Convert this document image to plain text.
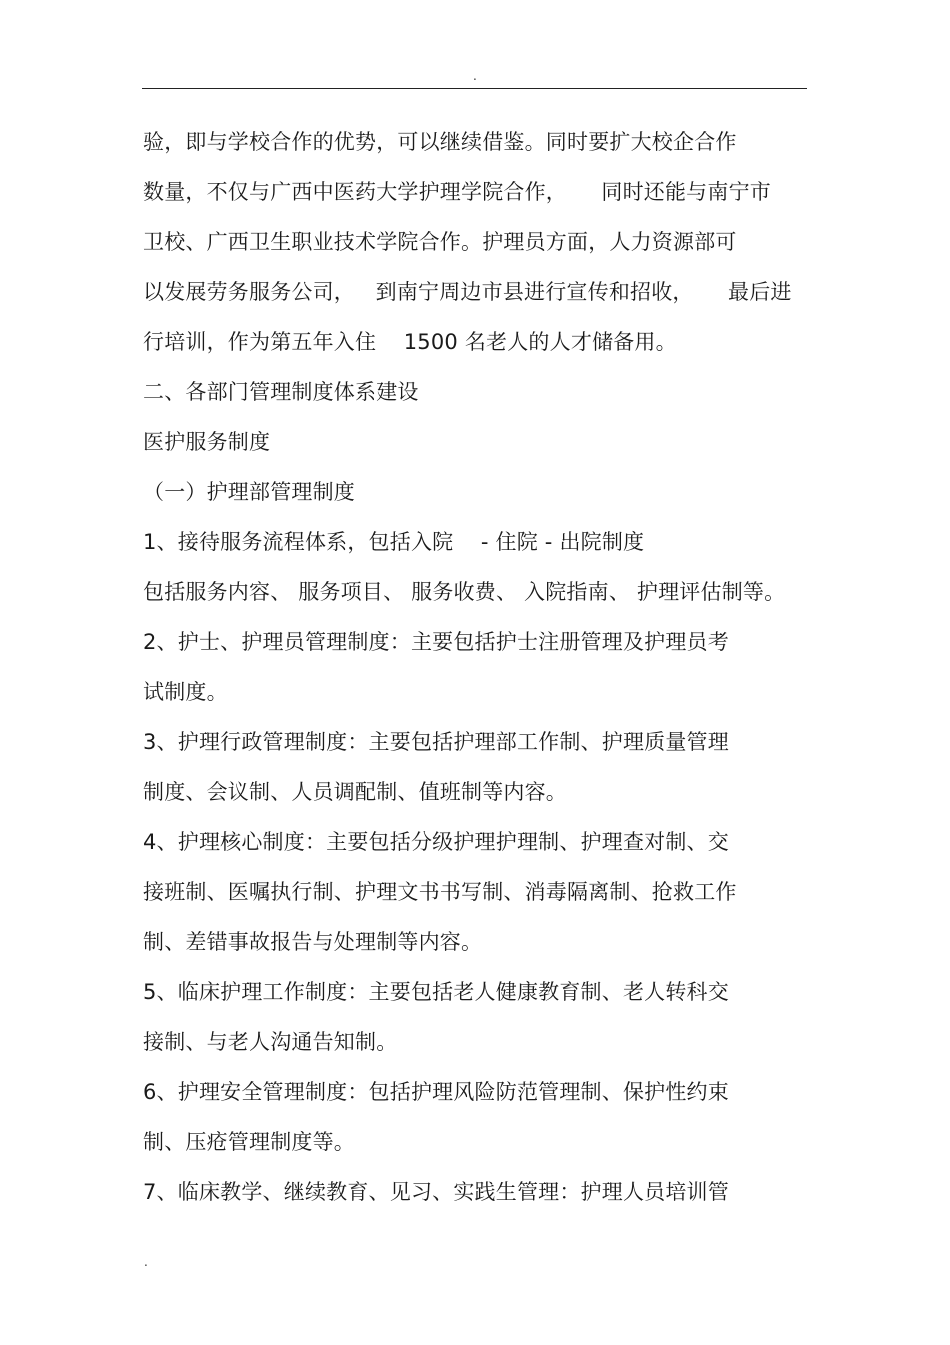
.
验，即与学校合作的优势，可以继续借鉴。同时要扩大校企合作
数量，不仅与广西中医药大学护理学院合作，     同时还能与南宁市
卫校、广西卫生职业技术学院合作。护理员方面，人力资源部可
以发展劳务服务公司，   到南宁周边市县进行宣传和招收，     最后进
行培训，作为第五年入住    1500 名老人的人才储备用。
二、各部门管理制度体系建设
医护服务制度
（一）护理部管理制度
1、接待服务流程体系，包括入院    - 住院 - 出院制度
包括服务内容、 服务项目、 服务收费、 入院指南、 护理评估制等。
2、护士、护理员管理制度：主要包括护士注册管理及护理员考
试制度。
3、护理行政管理制度：主要包括护理部工作制、护理质量管理
制度、会议制、人员调配制、值班制等内容。
4、护理核心制度：主要包括分级护理护理制、护理查对制、交
接班制、医嘱执行制、护理文书书写制、消毒隔离制、抢救工作
制、差错事故报告与处理制等内容。
5、临床护理工作制度：主要包括老人健康教育制、老人转科交
接制、与老人沟通告知制。
6、护理安全管理制度：包括护理风险防范管理制、保护性约束
制、压疮管理制度等。
7、临床教学、继续教育、见习、实践生管理：护理人员培训管
.
